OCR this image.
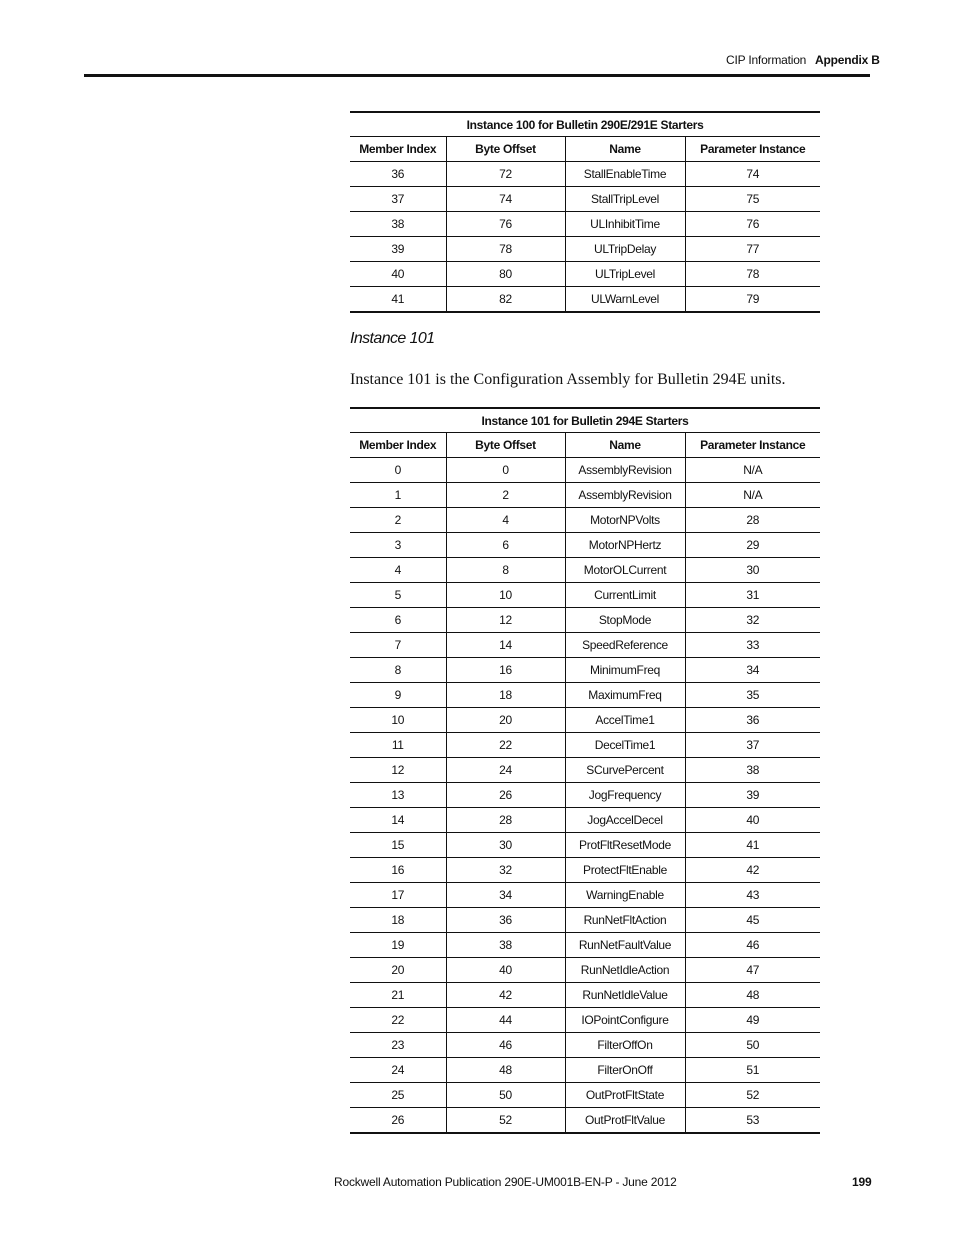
CIP Information Appendix B
Instance 100 for Bulletin 290E/291E Starters			
Member Index	Byte Offset	Name	Parameter Instance
36	72	StallEnableTime	74
37	74	StallTripLevel	75
38	76	ULInhibitTime	76
39	78	ULTripDelay	77
40	80	ULTripLevel	78
41	82	ULWarnLevel	79
Instance 101
Instance 101 is the Configuration Assembly for Bulletin 294E units.
Instance 101 for Bulletin 294E Starters			
Member Index	Byte Offset	Name	Parameter Instance
0	0	AssemblyRevision	N/A
1	2	AssemblyRevision	N/A
2	4	MotorNPVolts	28
3	6	MotorNPHertz	29
4	8	MotorOLCurrent	30
5	10	CurrentLimit	31
6	12	StopMode	32
7	14	SpeedReference	33
8	16	MinimumFreq	34
9	18	MaximumFreq	35
10	20	AccelTime1	36
11	22	DecelTime1	37
12	24	SCurvePercent	38
13	26	JogFrequency	39
14	28	JogAccelDecel	40
15	30	ProtFltResetMode	41
16	32	ProtectFltEnable	42
17	34	WarningEnable	43
18	36	RunNetFltAction	45
19	38	RunNetFaultValue	46
20	40	RunNetIdleAction	47
21	42	RunNetIdleValue	48
22	44	IOPointConfigure	49
23	46	FilterOffOn	50
24	48	FilterOnOff	51
25	50	OutProtFltState	52
26	52	OutProtFltValue	53
Rockwell Automation Publication 290E-UM001B-EN-P - June 2012	199
